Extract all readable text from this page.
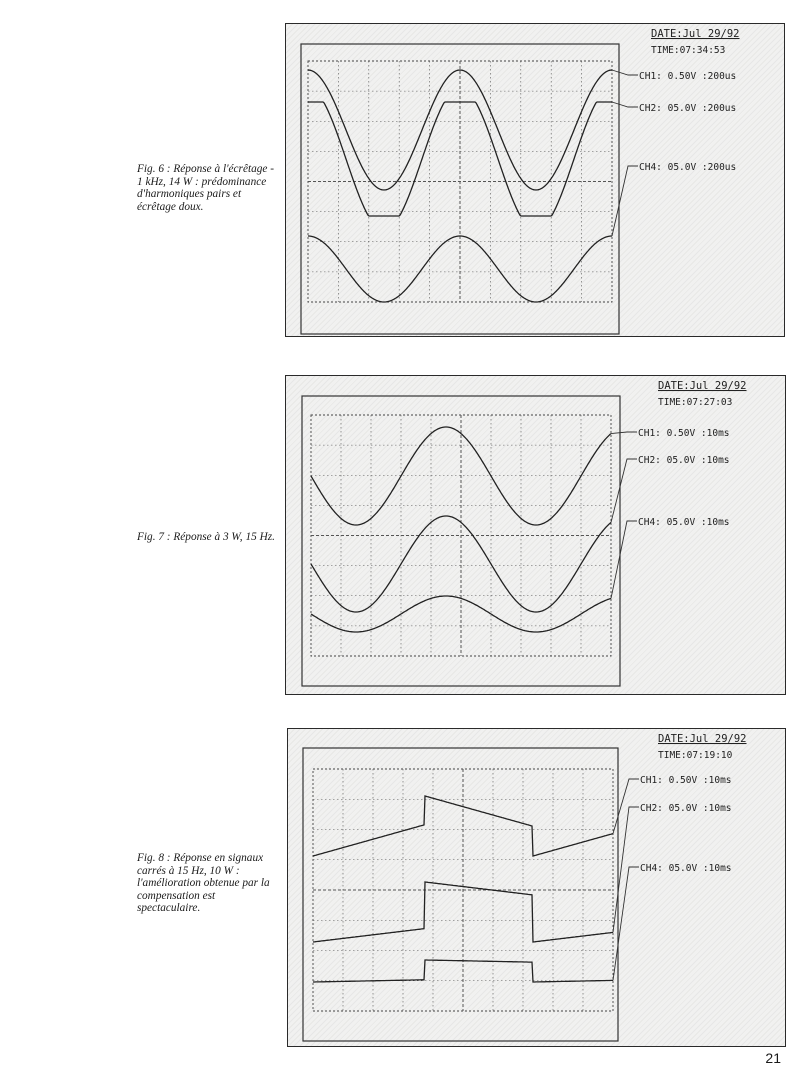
Fig. 6 : Réponse à l'écrêtage - 1 kHz, 14 W : prédominance d'harmoniques pairs et écrêtage doux.

DATE:Jul 29/92
TIME:07:34:53
CH1: 0.50V :200us
CH2: 05.0V :200us
CH4: 05.0V :200us

Fig. 7 : Réponse à 3 W, 15 Hz.

DATE:Jul 29/92
TIME:07:27:03
CH1: 0.50V :10ms
CH2: 05.0V :10ms
CH4: 05.0V :10ms

Fig. 8 : Réponse en signaux carrés à 15 Hz, 10 W : l'amélioration obtenue par la compensation est spectaculaire.

DATE:Jul 29/92
TIME:07:19:10
CH1: 0.50V :10ms
CH2: 05.0V :10ms
CH4: 05.0V :10ms
21
